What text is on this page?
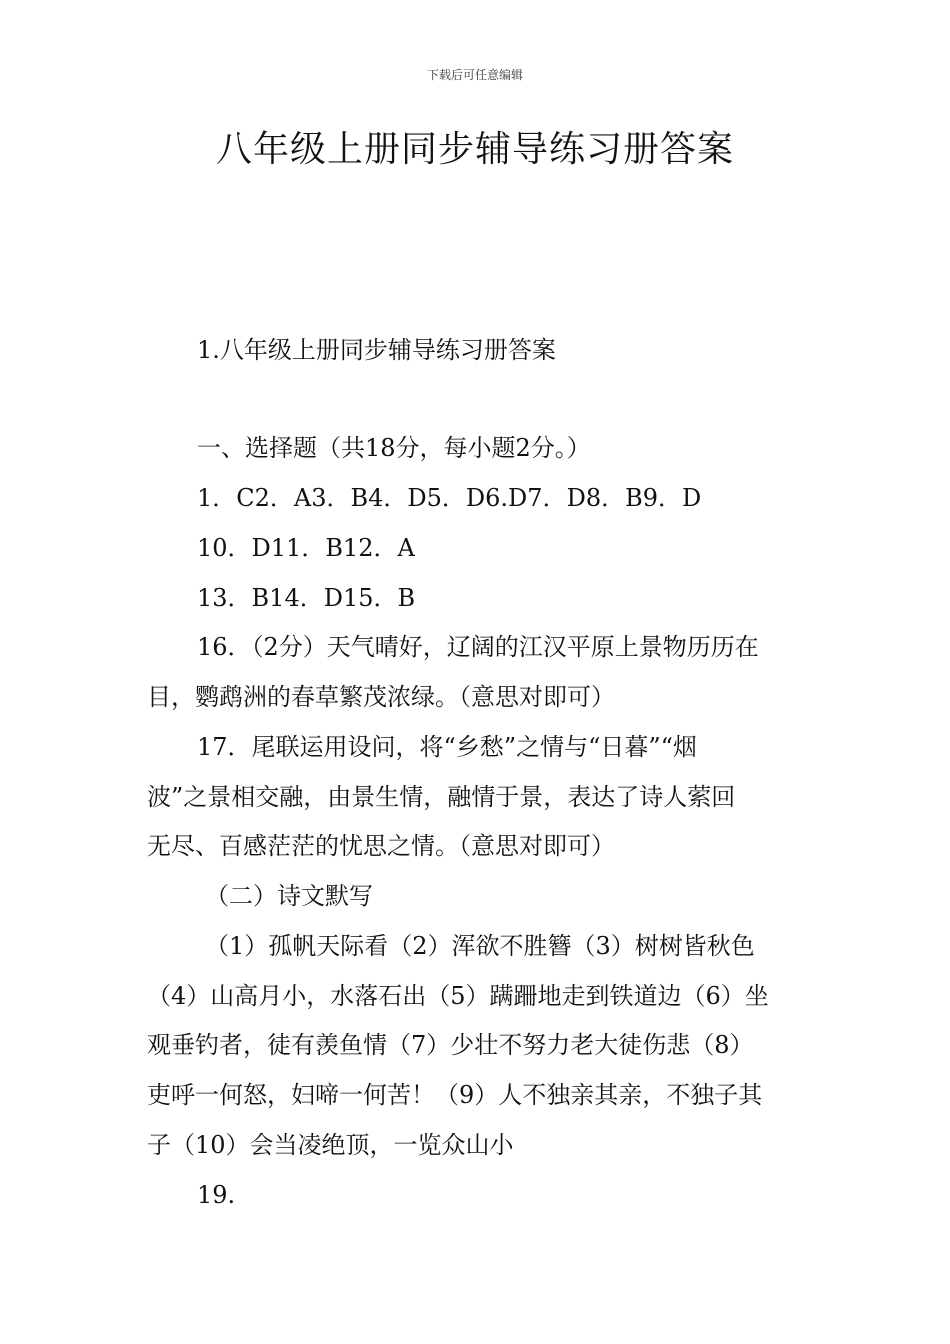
下载后可任意编辑
八年级上册同步辅导练习册答案
1.八年级上册同步辅导练习册答案
一、选择题（共18分，每小题2分。）
1．C2．A3．B4．D5．D6.D7．D8．B9．D
10．D11．B12．A
13．B14．D15．B
16．（2分）天气晴好，辽阔的江汉平原上景物历历在
目，鹦鹉洲的春草繁茂浓绿。（意思对即可）
17．尾联运用设问，将“乡愁”之情与“日暮”“烟
波”之景相交融，由景生情，融情于景，表达了诗人萦回
无尽、百感茫茫的忧思之情。（意思对即可）
（二）诗文默写
（1）孤帆天际看（2）浑欲不胜簪（3）树树皆秋色
（4）山高月小，水落石出（5）蹒跚地走到铁道边（6）坐
观垂钓者，徒有羡鱼情（7）少壮不努力老大徒伤悲（8）
吏呼一何怒，妇啼一何苦！（9）人不独亲其亲，不独子其
子（10）会当凌绝顶，一览众山小
19.
